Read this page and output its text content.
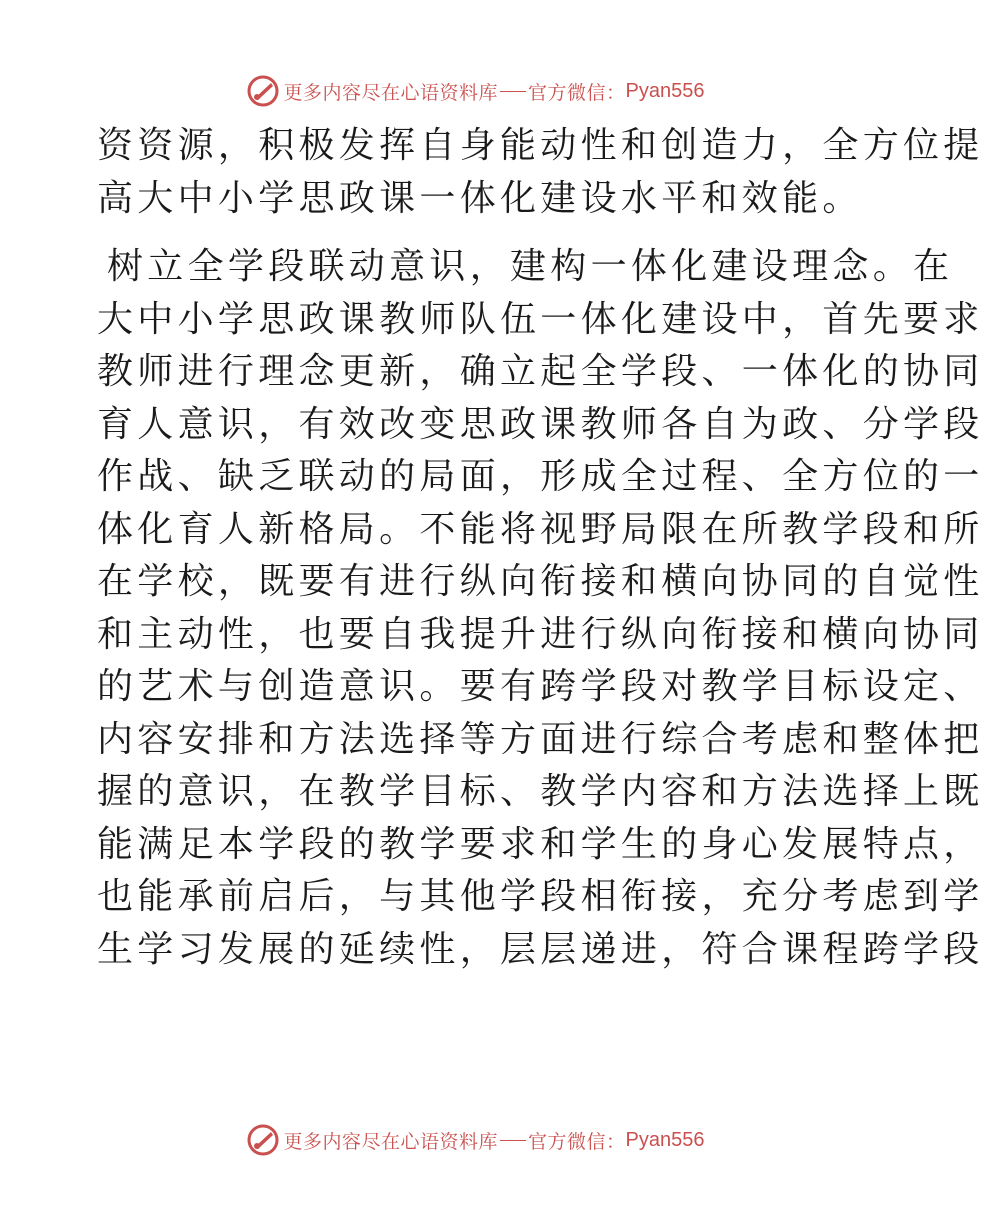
更多内容尽在心语资料库 官方微信： Pyan556
资资源，积极发挥自身能动性和创造力，全方位提
高大中小学思政课一体化建设水平和效能。
树立全学段联动意识，建构一体化建设理念。在
大中小学思政课教师队伍一体化建设中，首先要求
教师进行理念更新，确立起全学段、一体化的协同
育人意识，有效改变思政课教师各自为政、分学段
作战、缺乏联动的局面，形成全过程、全方位的一
体化育人新格局。不能将视野局限在所教学段和所
在学校，既要有进行纵向衔接和横向协同的自觉性
和主动性，也要自我提升进行纵向衔接和横向协同
的艺术与创造意识。要有跨学段对教学目标设定、
内容安排和方法选择等方面进行综合考虑和整体把
握的意识，在教学目标、教学内容和方法选择上既
能满足本学段的教学要求和学生的身心发展特点，
也能承前启后，与其他学段相衔接，充分考虑到学
生学习发展的延续性，层层递进，符合课程跨学段
更多内容尽在心语资料库 官方微信： Pyan556
